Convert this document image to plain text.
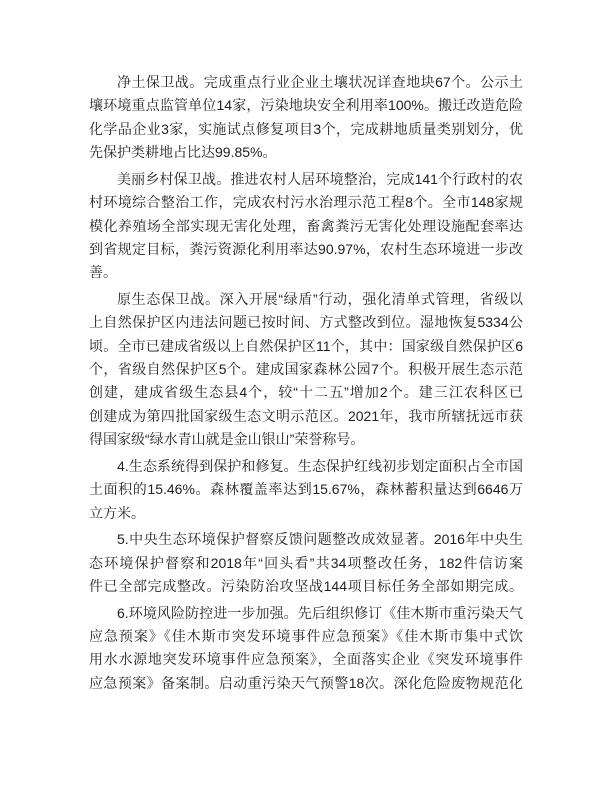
净土保卫战。完成重点行业企业土壤状况详查地块67个。公示土
壤环境重点监管单位14家，污染地块安全利用率100%。搬迁改造危险
化学品企业3家，实施试点修复项目3个，完成耕地质量类别划分，优
先保护类耕地占比达99.85%。
美丽乡村保卫战。推进农村人居环境整治，完成141个行政村的农
村环境综合整治工作，完成农村污水治理示范工程8个。全市148家规
模化养殖场全部实现无害化处理，畜禽粪污无害化处理设施配套率达
到省规定目标，粪污资源化利用率达90.97%，农村生态环境进一步改
善。
原生态保卫战。深入开展“绿盾”行动，强化清单式管理，省级以
上自然保护区内违法问题已按时间、方式整改到位。湿地恢复5334公
顷。全市已建成省级以上自然保护区11个，其中：国家级自然保护区6
个，省级自然保护区5个。建成国家森林公园7个。积极开展生态示范
创建，建成省级生态县4个，较“十二五”增加2个。建三江农科区已
创建成为第四批国家级生态文明示范区。2021年，我市所辖抚远市获
得国家级“绿水青山就是金山银山”荣誉称号。
4.生态系统得到保护和修复。生态保护红线初步划定面积占全市国
土面积的15.46%。森林覆盖率达到15.67%，森林蓄积量达到6646万
立方米。
5.中央生态环境保护督察反馈问题整改成效显著。2016年中央生
态环境保护督察和2018年“回头看”共34项整改任务，182件信访案
件已全部完成整改。污染防治攻坚战144项目标任务全部如期完成。
6.环境风险防控进一步加强。先后组织修订《佳木斯市重污染天气
应急预案》《佳木斯市突发环境事件应急预案》《佳木斯市集中式饮
用水水源地突发环境事件应急预案》，全面落实企业《突发环境事件
应急预案》备案制。启动重污染天气预警18次。深化危险废物规范化
